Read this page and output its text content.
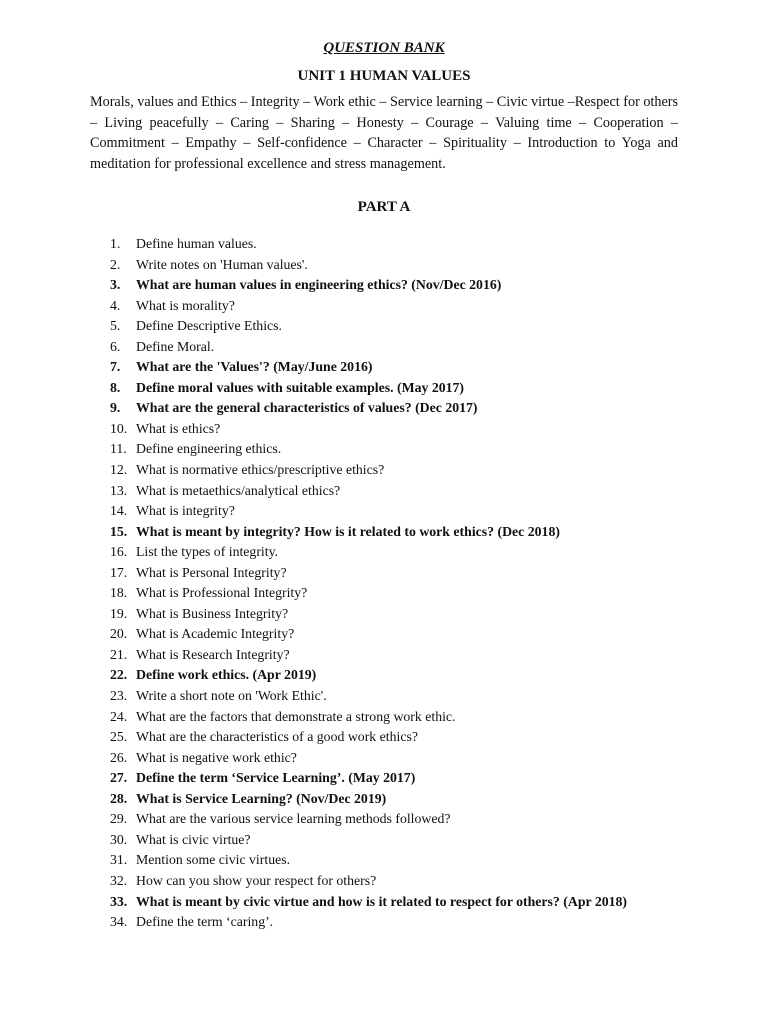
QUESTION BANK
UNIT 1 HUMAN VALUES
Morals, values and Ethics – Integrity – Work ethic – Service learning – Civic virtue –Respect for others – Living peacefully – Caring – Sharing – Honesty – Courage – Valuing time – Cooperation – Commitment – Empathy – Self-confidence – Character – Spirituality – Introduction to Yoga and meditation for professional excellence and stress management.
PART A
1. Define human values.
2. Write notes on 'Human values'.
3. What are human values in engineering ethics? (Nov/Dec 2016)
4. What is morality?
5. Define Descriptive Ethics.
6. Define Moral.
7. What are the 'Values'? (May/June 2016)
8. Define moral values with suitable examples. (May 2017)
9. What are the general characteristics of values? (Dec 2017)
10. What is ethics?
11. Define engineering ethics.
12. What is normative ethics/prescriptive ethics?
13. What is metaethics/analytical ethics?
14. What is integrity?
15. What is meant by integrity? How is it related to work ethics? (Dec 2018)
16. List the types of integrity.
17. What is Personal Integrity?
18. What is Professional Integrity?
19. What is Business Integrity?
20. What is Academic Integrity?
21. What is Research Integrity?
22. Define work ethics. (Apr 2019)
23. Write a short note on 'Work Ethic'.
24. What are the factors that demonstrate a strong work ethic.
25. What are the characteristics of a good work ethics?
26. What is negative work ethic?
27. Define the term ‘Service Learning’. (May 2017)
28. What is Service Learning? (Nov/Dec 2019)
29. What are the various service learning methods followed?
30. What is civic virtue?
31. Mention some civic virtues.
32. How can you show your respect for others?
33. What is meant by civic virtue and how is it related to respect for others? (Apr 2018)
34. Define the term ‘caring’.
